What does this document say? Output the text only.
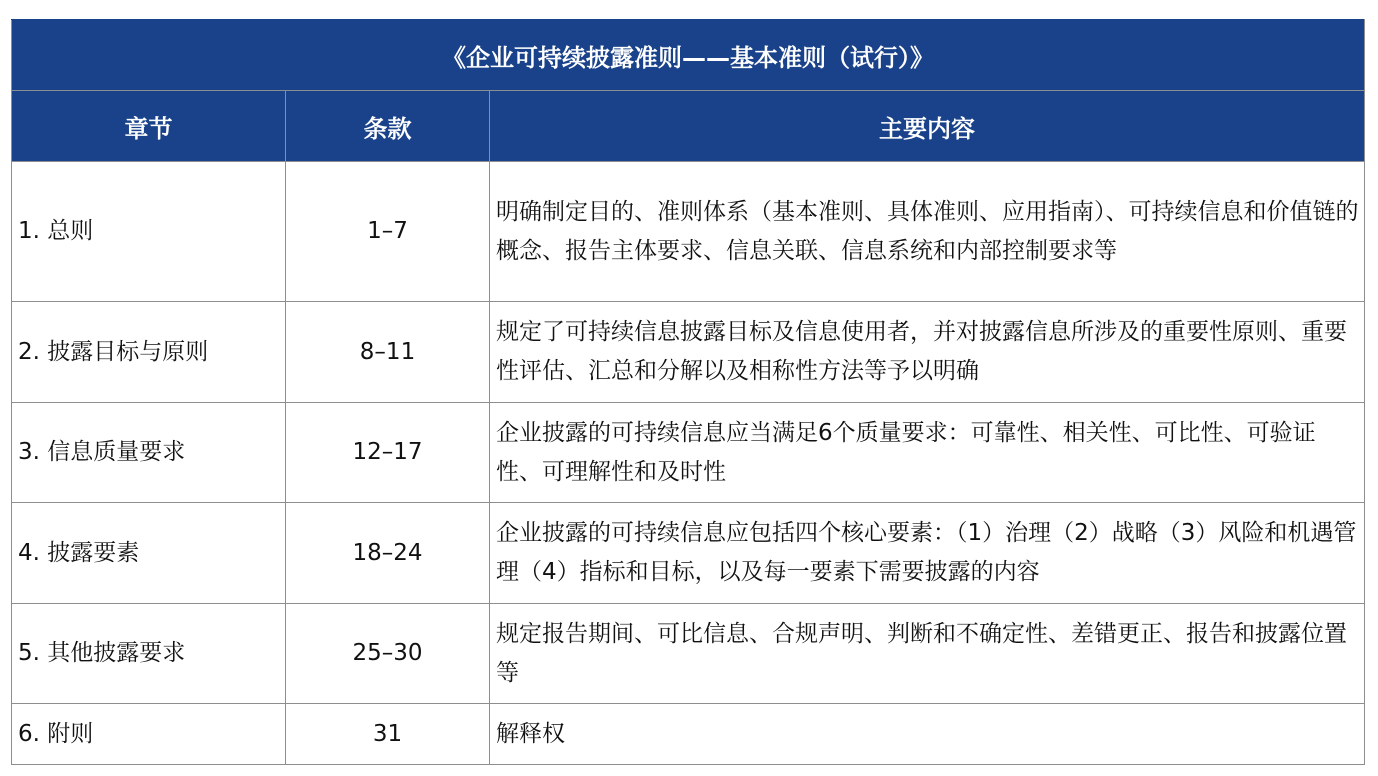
《企业可持续披露准则——基本准则（试行）》		
章节	条款	主要内容
1. 总则	1–7	明确制定目的、准则体系（基本准则、具体准则、应用指南）、可持续信息和价值链的概念、报告主体要求、信息关联、信息系统和内部控制要求等
2. 披露目标与原则	8–11	规定了可持续信息披露目标及信息使用者，并对披露信息所涉及的重要性原则、重要性评估、汇总和分解以及相称性方法等予以明确
3. 信息质量要求	12–17	企业披露的可持续信息应当满足6个质量要求：可靠性、相关性、可比性、可验证性、可理解性和及时性
4. 披露要素	18–24	企业披露的可持续信息应包括四个核心要素：（1）治理（2）战略（3）风险和机遇管理（4）指标和目标，以及每一要素下需要披露的内容
5. 其他披露要求	25–30	规定报告期间、可比信息、合规声明、判断和不确定性、差错更正、报告和披露位置等
6. 附则	31	解释权
